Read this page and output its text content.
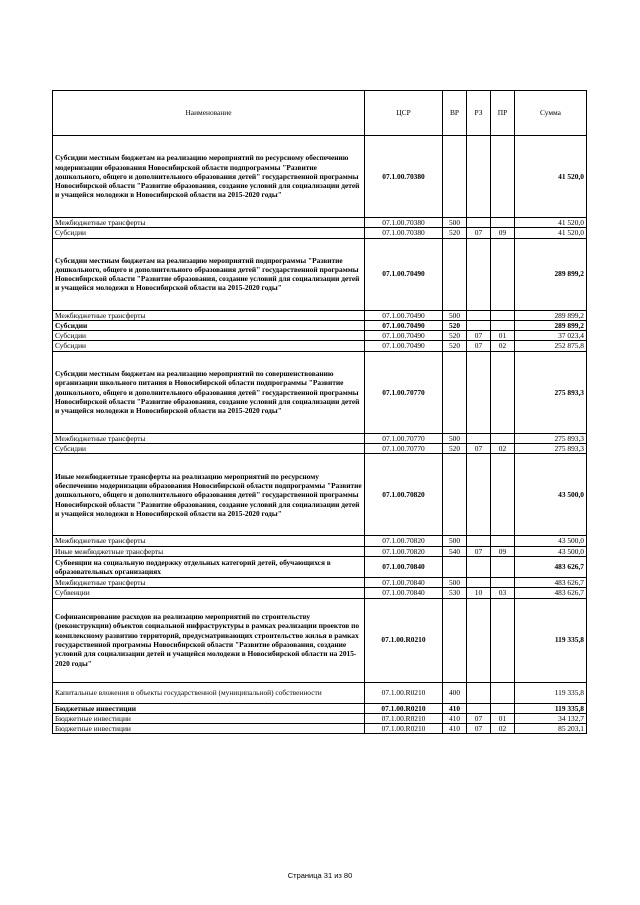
Наименование	ЦСР	ВР	РЗ	ПР	Сумма
Субсидии местным бюджетам на реализацию мероприятий по ресурсному обеспечению модернизации образования Новосибирской области подпрограммы "Развитие дошкольного, общего и дополнительного образования детей" государственной программы Новосибирской области "Развитие образования, создание условий для социализации детей и учащейся молодежи в Новосибирской области на 2015-2020 годы"	07.1.00.70380				41 520,0
Межбюджетные трансферты	07.1.00.70380	500			41 520,0
Субсидии	07.1.00.70380	520	07	09	41 520,0
Субсидии местным бюджетам на реализацию мероприятий подпрограммы "Развитие дошкольного, общего и дополнительного образования детей" государственной программы Новосибирской области "Развитие образования, создание условий для социализации детей и учащейся молодежи в Новосибирской области на 2015-2020 годы"	07.1.00.70490				289 899,2
Межбюджетные трансферты	07.1.00.70490	500			289 899,2
Субсидии	07.1.00.70490	520			289 899,2
Субсидии	07.1.00.70490	520	07	01	37 023,4
Субсидии	07.1.00.70490	520	07	02	252 875,8
Субсидии местным бюджетам на реализацию мероприятий по совершенствованию организации школьного питания в Новосибирской области подпрограммы "Развитие дошкольного, общего и дополнительного образования детей" государственной программы Новосибирской области "Развитие образования, создание условий для социализации детей и учащейся молодежи в Новосибирской области на 2015-2020 годы"	07.1.00.70770				275 893,3
Межбюджетные трансферты	07.1.00.70770	500			275 893,3
Субсидии	07.1.00.70770	520	07	02	275 893,3
Иные межбюджетные трансферты на реализацию мероприятий по ресурсному обеспечению модернизации образования Новосибирской области подпрограммы "Развитие дошкольного, общего и дополнительного образования детей" государственной программы Новосибирской области "Развитие образования, создание условий для социализации детей и учащейся молодежи в Новосибирской области на 2015-2020 годы"	07.1.00.70820				43 500,0
Межбюджетные трансферты	07.1.00.70820	500			43 500,0
Иные межбюджетные трансферты	07.1.00.70820	540	07	09	43 500,0
Субвенции на социальную поддержку отдельных категорий детей, обучающихся в образовательных организациях	07.1.00.70840				483 626,7
Межбюджетные трансферты	07.1.00.70840	500			483 626,7
Субвенции	07.1.00.70840	530	10	03	483 626,7
Софинансирование расходов на реализацию мероприятий по строительству (реконструкции) объектов социальной инфраструктуры в рамках реализации проектов по комплексному развитию территорий, предусматривающих строительство жилья в рамках государственной программы Новосибирской области "Развитие образования, создание условий для социализации детей и учащейся молодежи в Новосибирской области на 2015-2020 годы"	07.1.00.R0210				119 335,8
Капитальные вложения в объекты государственной (муниципальной) собственности	07.1.00.R0210	400			119 335,8
Бюджетные инвестиции	07.1.00.R0210	410			119 335,8
Бюджетные инвестиции	07.1.00.R0210	410	07	01	34 132,7
Бюджетные инвестиции	07.1.00.R0210	410	07	02	85 203,1
Страница 31 из 80
